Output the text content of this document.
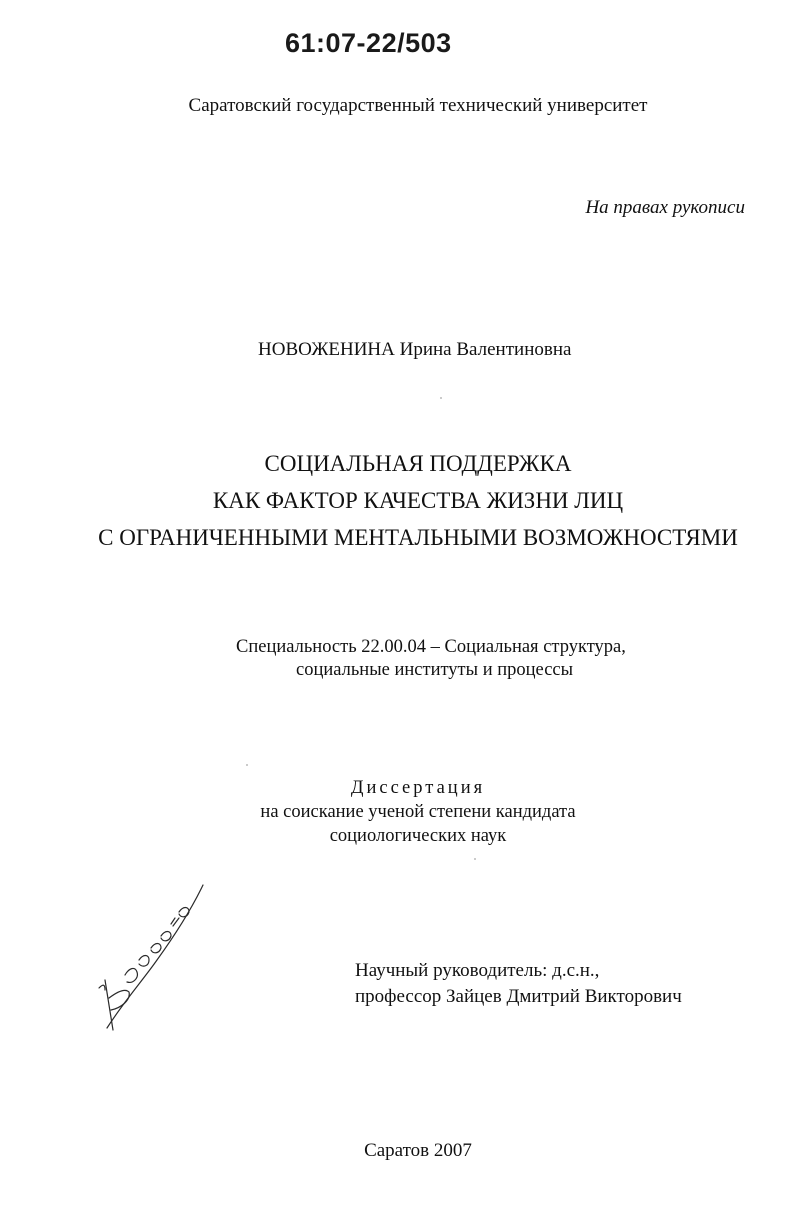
61:07-22/503
Саратовский государственный технический университет
На правах рукописи
НОВОЖЕНИНА Ирина Валентиновна
СОЦИАЛЬНАЯ ПОДДЕРЖКА
КАК ФАКТОР КАЧЕСТВА ЖИЗНИ ЛИЦ
С ОГРАНИЧЕННЫМИ МЕНТАЛЬНЫМИ ВОЗМОЖНОСТЯМИ
Специальность 22.00.04 – Социальная структура,
социальные институты и процессы
Диссертация
на соискание ученой степени кандидата
социологических наук
Научный руководитель: д.с.н.,
профессор Зайцев Дмитрий Викторович
Саратов 2007
